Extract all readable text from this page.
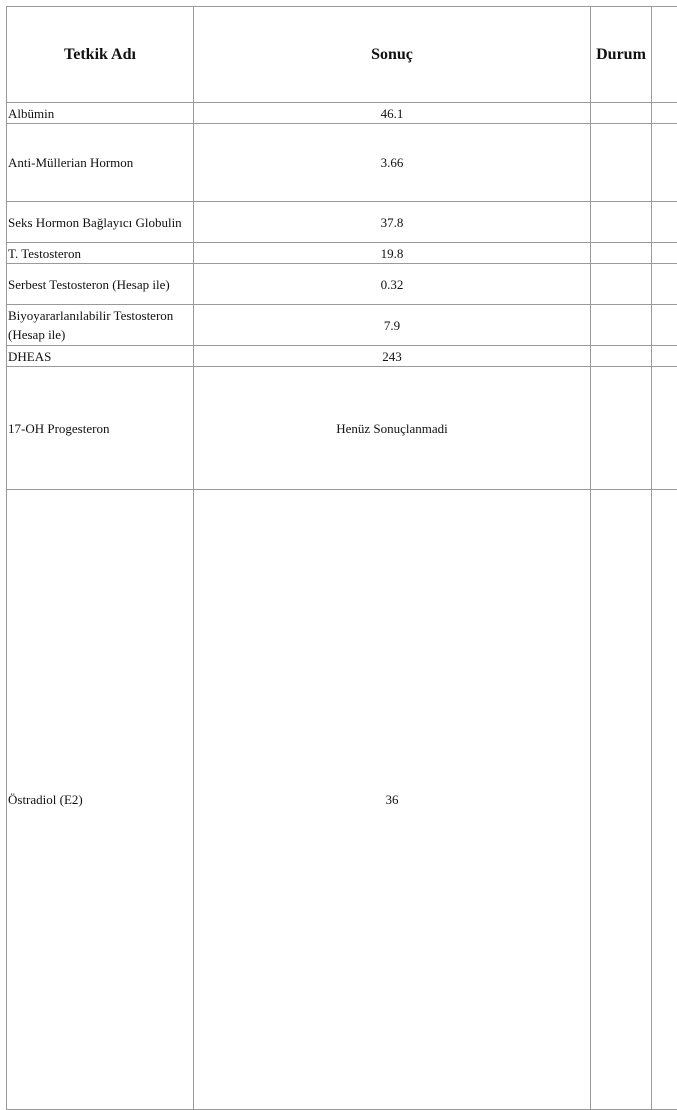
Tetkik Adı	Sonuç	Durum	
Albümin	46.1		
Anti-Müllerian Hormon	3.66		
Seks Hormon Bağlayıcı Globulin	37.8		
T. Testosteron	19.8		
Serbest Testosteron (Hesap ile)	0.32		
Biyoyararlanılabilir Testosteron (Hesap ile)	7.9		
DHEAS	243		
17-OH Progesteron	Henüz Sonuçlanmadi		
Östradiol (E2)	36		
